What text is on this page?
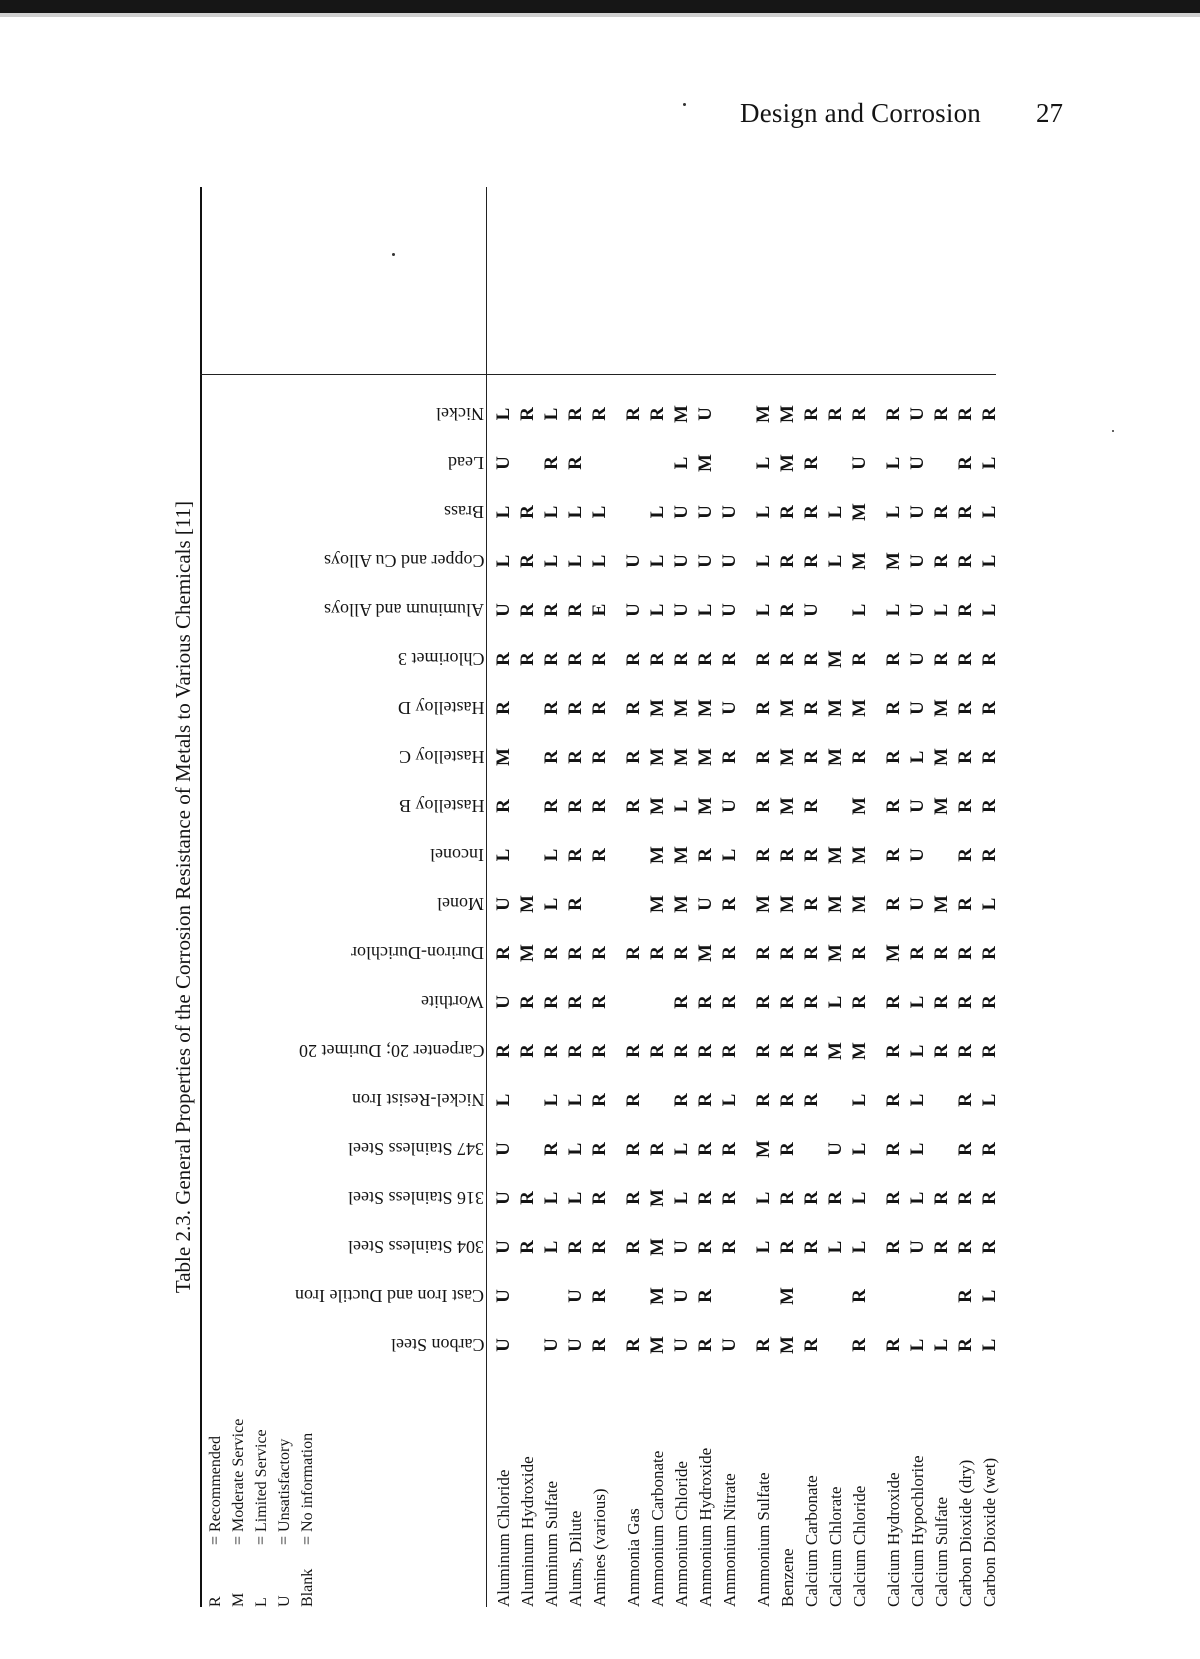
Design and Corrosion 27
Table 2.3. General Properties of the Corrosion Resistance of Metals to Various Chemicals [11]
R= Recommended
M= Moderate Service
L= Limited Service
U= Unsatisfactory
Blank= No information
Carbon Steel
Cast Iron and Ductile Iron
304 Stainless Steel
316 Stainless Steel
347 Stainless Steel
Nickel-Resist Iron
Carpenter 20; Durimet 20
Worthite
Duriron-Durichlor
Monel
Inconel
Hastelloy B
Hastelloy C
Hastelloy D
Chlorimet 3
Aluminum and Alloys
Copper and Cu Alloys
Brass
Lead
Nickel
Aluminum Chloride
U
U
U
U
U
L
R
U
R
U
L
R
M
R
R
U
L
L
U
L
Aluminum Hydroxide
R
R
R
R
M
M
R
R
R
R
R
Aluminum Sulfate
U
L
L
R
L
R
R
R
L
L
R
R
R
R
R
L
L
R
L
Alums, Dilute
U
U
R
L
L
L
R
R
R
R
R
R
R
R
R
R
L
L
R
R
Amines (various)
R
R
R
R
R
R
R
R
R
R
R
R
R
R
E
L
L
R
Ammonia Gas
R
R
R
R
R
R
R
R
R
R
R
U
U
R
Ammonium Carbonate
M
M
M
M
R
R
R
M
M
M
M
M
R
L
L
L
R
Ammonium Chloride
U
U
U
L
L
R
R
R
R
M
M
L
M
M
R
U
U
U
L
M
Ammonium Hydroxide
R
R
R
R
R
R
R
R
M
U
R
M
M
M
R
L
U
U
M
U
Ammonium Nitrate
U
R
R
R
L
R
R
R
R
L
U
R
U
R
U
U
U
Ammonium Sulfate
R
L
L
M
R
R
R
R
M
R
R
R
R
R
L
L
L
L
M
Benzene
M
M
R
R
R
R
R
R
R
M
R
M
M
M
R
R
R
R
M
M
Calcium Carbonate
R
R
R
R
R
R
R
R
R
R
R
R
R
U
R
R
R
R
Calcium Chlorate
L
R
U
M
L
M
M
M
M
M
M
L
L
R
Calcium Chloride
R
R
L
L
L
L
M
R
R
M
M
M
R
M
R
L
M
M
U
R
Calcium Hydroxide
R
R
R
R
R
R
R
M
R
R
R
R
R
R
L
M
L
L
R
Calcium Hypochlorite
L
U
L
L
L
L
L
R
U
U
U
L
U
U
U
U
U
U
U
Calcium Sulfate
L
R
R
R
R
R
M
M
M
M
R
L
R
R
R
Carbon Dioxide (dry)
R
R
R
R
R
R
R
R
R
R
R
R
R
R
R
R
R
R
R
R
Carbon Dioxide (wet)
L
L
R
R
R
L
R
R
R
L
R
R
R
R
R
L
L
L
L
R
